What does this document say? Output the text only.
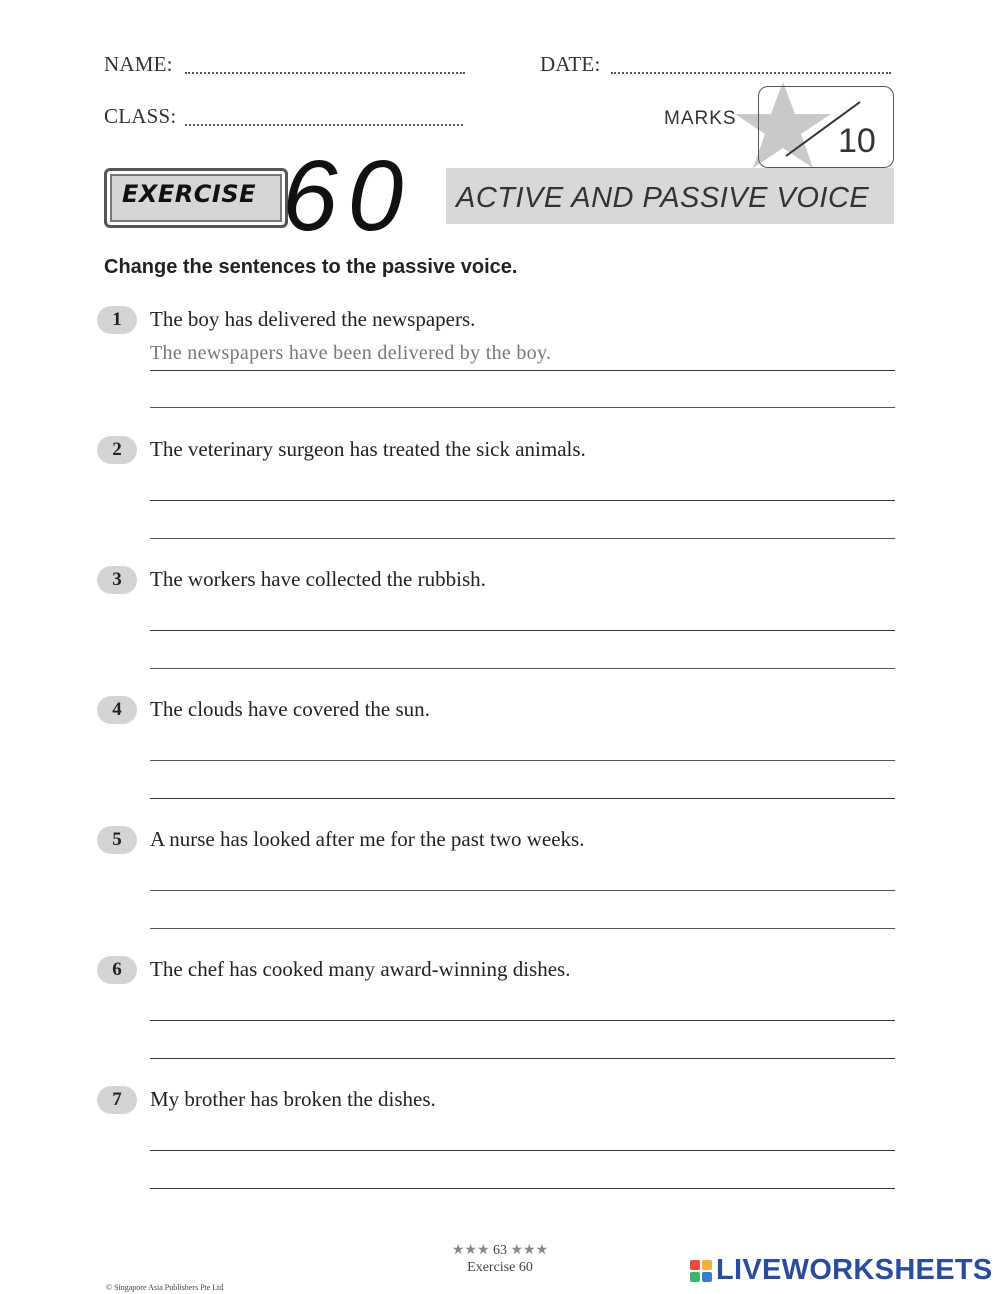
NAME:	DATE:
CLASS:	MARKS
10
EXERCISE 60 ACTIVE AND PASSIVE VOICE
Change the sentences to the passive voice.
1	The boy has delivered the newspapers.
The newspapers have been delivered by the boy.
2	The veterinary surgeon has treated the sick animals.
3	The workers have collected the rubbish.
4	The clouds have covered the sun.
5	A nurse has looked after me for the past two weeks.
6	The chef has cooked many award-winning dishes.
7	My brother has broken the dishes.
★★★ 63 ★★★
Exercise 60
© Singapore Asia Publishers Pte Ltd
LIVEWORKSHEETS
